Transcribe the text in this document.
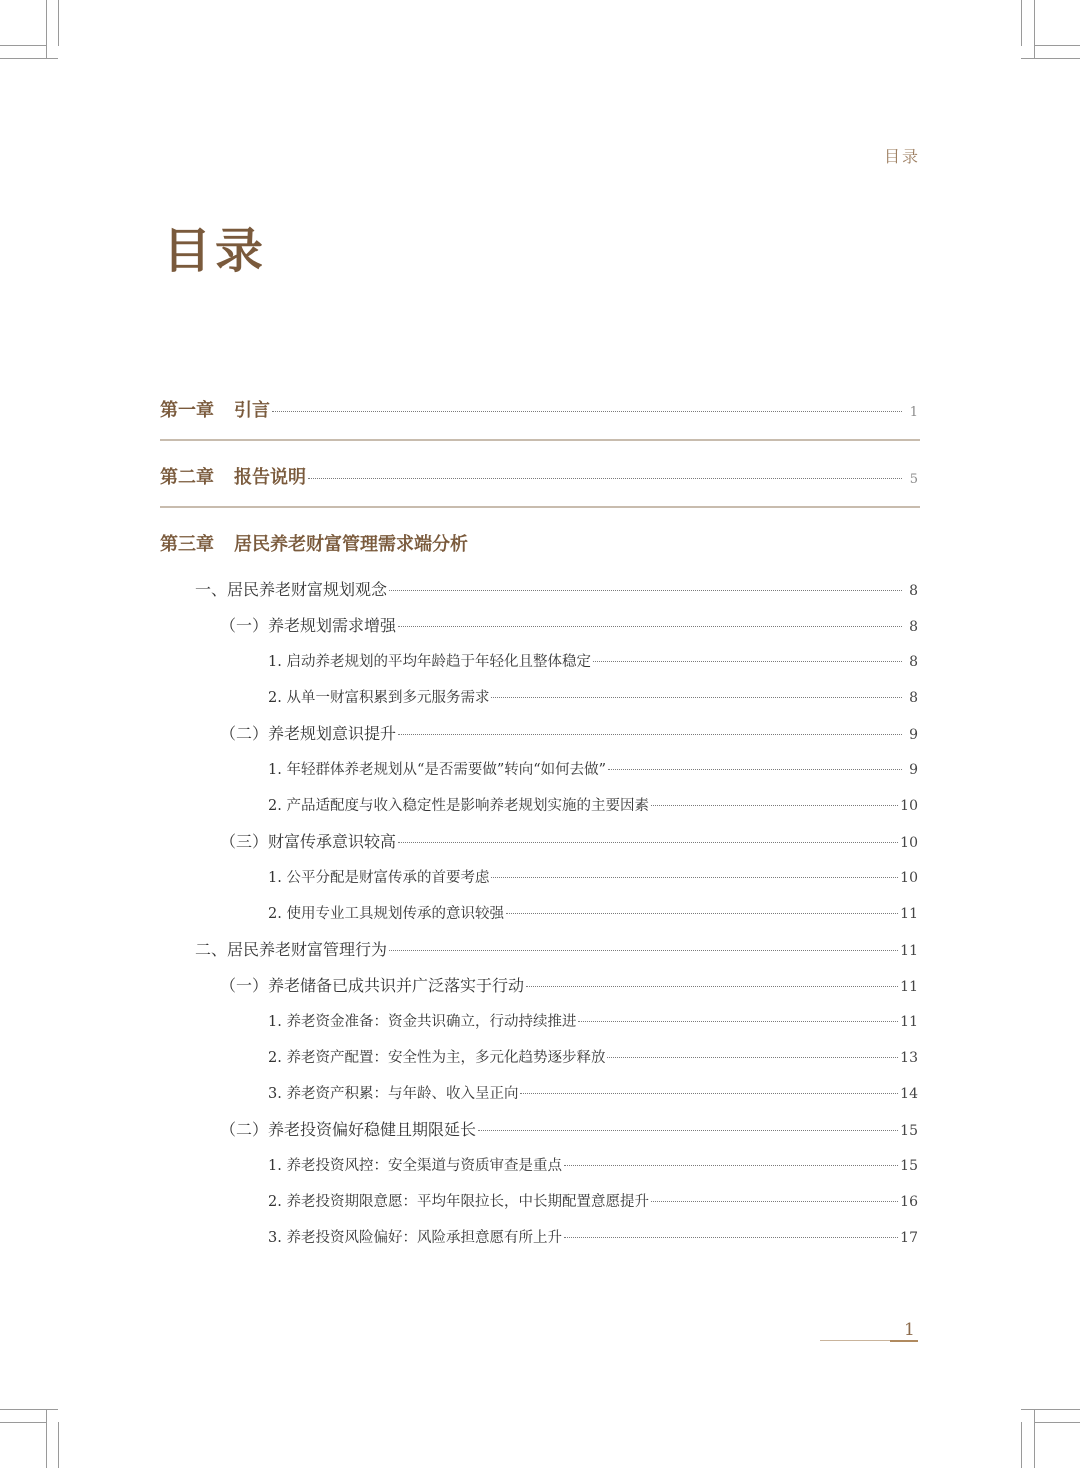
目录
目录
第一章 引言	1
第二章 报告说明	5
第三章 居民养老财富管理需求端分析
一、居民养老财富规划观念	8
（一）养老规划需求增强	8
1. 启动养老规划的平均年龄趋于年轻化且整体稳定	8
2. 从单一财富积累到多元服务需求	8
（二）养老规划意识提升	9
1. 年轻群体养老规划从“是否需要做”转向“如何去做”	9
2. 产品适配度与收入稳定性是影响养老规划实施的主要因素	10
（三）财富传承意识较高	10
1. 公平分配是财富传承的首要考虑	10
2. 使用专业工具规划传承的意识较强	11
二、居民养老财富管理行为	11
（一）养老储备已成共识并广泛落实于行动	11
1. 养老资金准备：资金共识确立，行动持续推进	11
2. 养老资产配置：安全性为主，多元化趋势逐步释放	13
3. 养老资产积累：与年龄、收入呈正向	14
（二）养老投资偏好稳健且期限延长	15
1. 养老投资风控：安全渠道与资质审查是重点	15
2. 养老投资期限意愿：平均年限拉长，中长期配置意愿提升	16
3. 养老投资风险偏好：风险承担意愿有所上升	17
1
